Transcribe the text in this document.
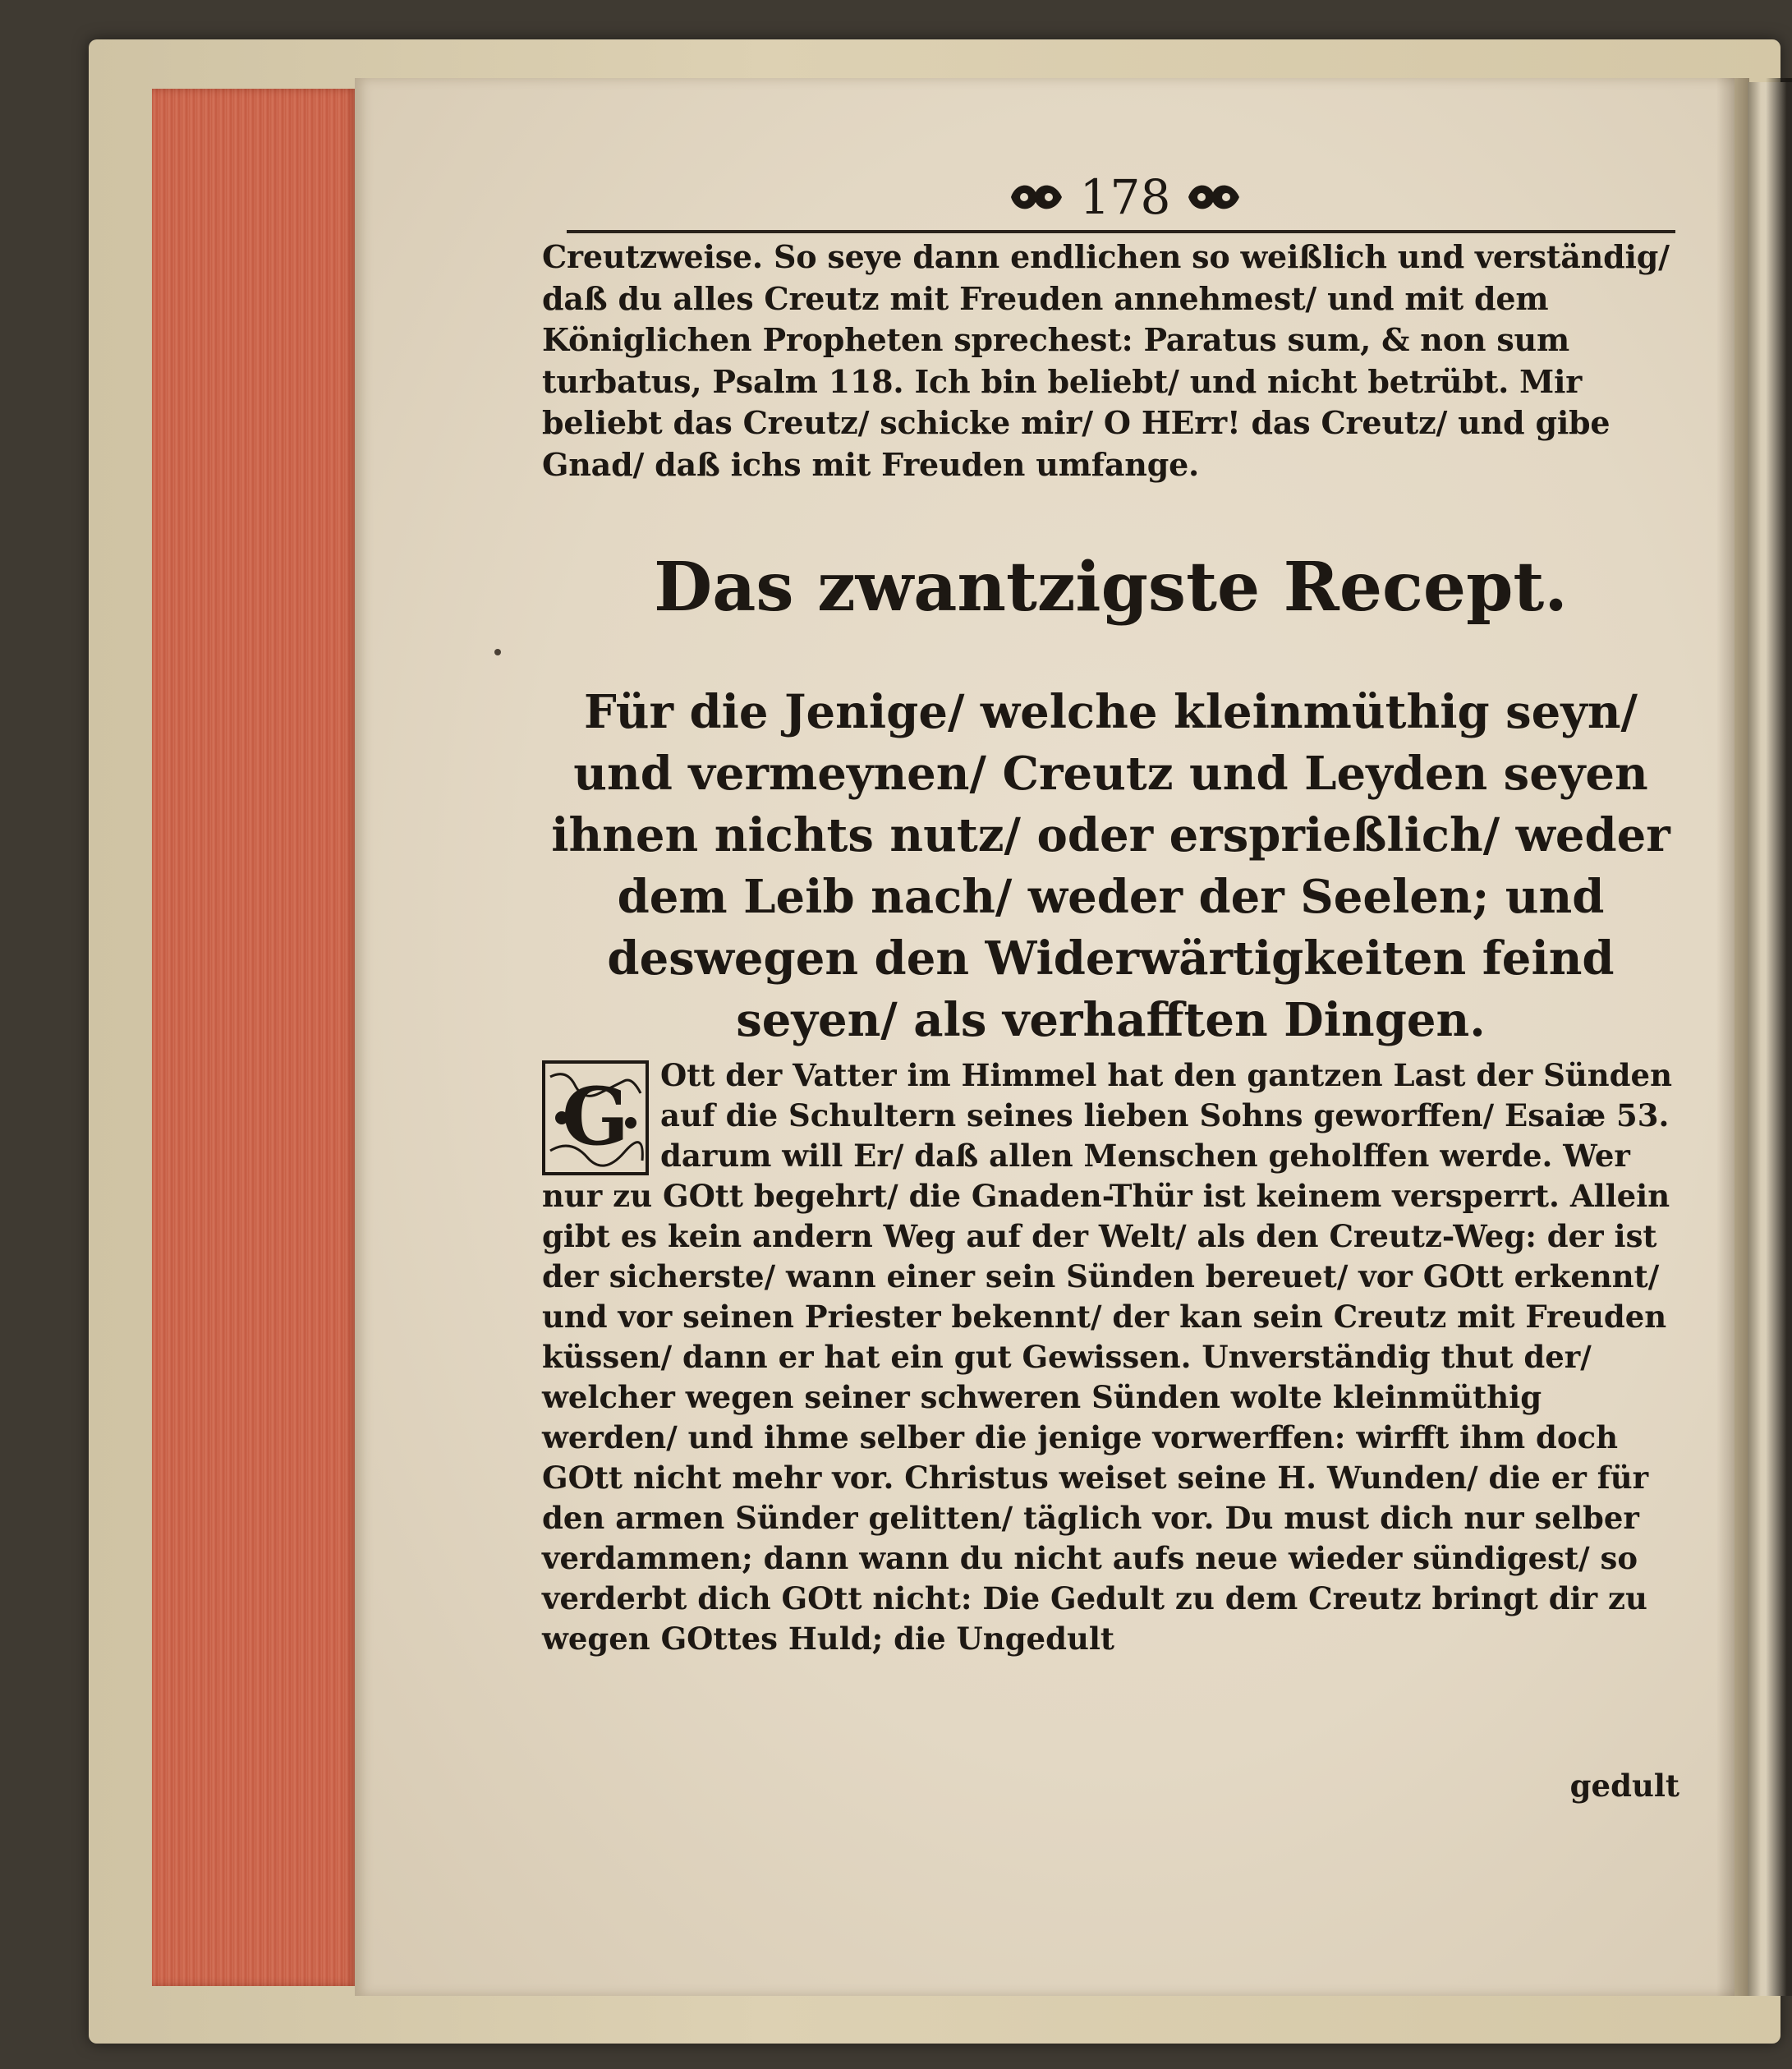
178

Creutzweise. So seye dann endlichen so weißlich und verständig/ daß du alles Creutz mit Freuden annehmest/ und mit dem Königlichen Propheten sprechest: Paratus sum, & non sum turbatus, Psalm 118. Ich bin beliebt/ und nicht betrübt. Mir beliebt das Creutz/ schicke mir/ O HErr! das Creutz/ und gibe Gnad/ daß ichs mit Freuden umfange.

Das zwantzigste Recept.

Für die Jenige/ welche kleinmüthig seyn/ und vermeynen/ Creutz und Leyden seyen ihnen nichts nutz/ oder ersprießlich/ weder dem Leib nach/ weder der Seelen; und deswegen den Widerwärtigkeiten feind seyen/ als verhafften Dingen.

G Ott der Vatter im Himmel hat den gantzen Last der Sünden auf die Schultern seines lieben Sohns geworffen/ Esaiæ 53. darum will Er/ daß allen Menschen geholffen werde. Wer nur zu GOtt begehrt/ die Gnaden-Thür ist keinem versperrt. Allein gibt es kein andern Weg auf der Welt/ als den Creutz-Weg: der ist der sicherste/ wann einer sein Sünden bereuet/ vor GOtt erkennt/ und vor seinen Priester bekennt/ der kan sein Creutz mit Freuden küssen/ dann er hat ein gut Gewissen. Unverständig thut der/ welcher wegen seiner schweren Sünden wolte kleinmüthig werden/ und ihme selber die jenige vorwerffen: wirfft ihm doch GOtt nicht mehr vor. Christus weiset seine H. Wunden/ die er für den armen Sünder gelitten/ täglich vor. Du must dich nur selber verdammen; dann wann du nicht aufs neue wieder sündigest/ so verderbt dich GOtt nicht: Die Gedult zu dem Creutz bringt dir zu wegen GOttes Huld; die Ungedult
gedult
